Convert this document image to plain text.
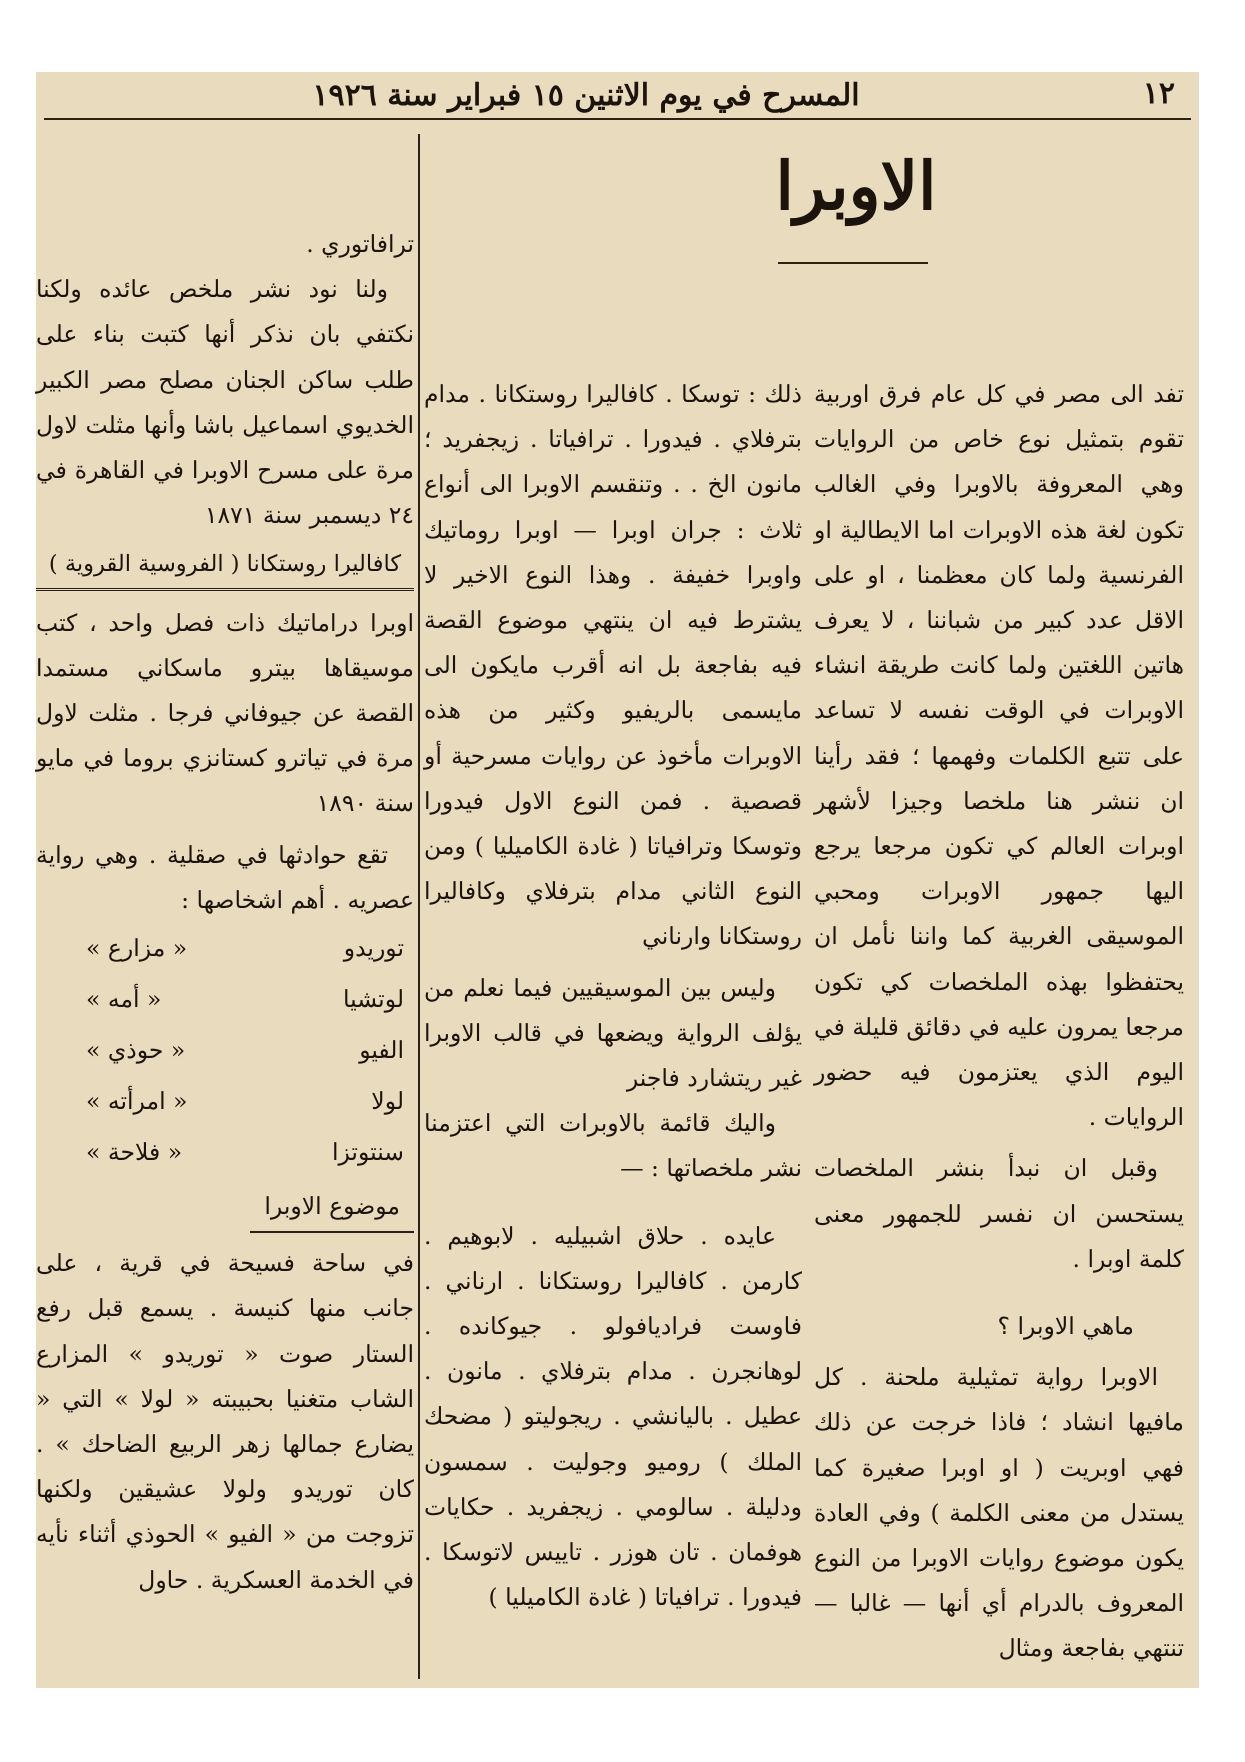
١٢
المسرح في يوم الاثنين ١٥ فبراير سنة ١٩٢٦
الاوبرا

تفد الى مصر في كل عام فرق اوربية تقوم بتمثيل نوع خاص من الروايات وهي المعروفة بالاوبرا وفي الغالب تكون لغة هذه الاوبرات اما الايطالية او الفرنسية ولما كان معظمنا ، او على الاقل عدد كبير من شباننا ، لا يعرف هاتين اللغتين ولما كانت طريقة انشاء الاوبرات في الوقت نفسه لا تساعد على تتبع الكلمات وفهمها ؛ فقد رأينا ان ننشر هنا ملخصا وجيزا لأشهر اوبرات العالم كي تكون مرجعا يرجع اليها جمهور الاوبرات ومحبي الموسيقى الغربية كما واننا نأمل ان يحتفظوا بهذه الملخصات كي تكون مرجعا يمرون عليه في دقائق قليلة في اليوم الذي يعتزمون فيه حضور الروايات .

وقبل ان نبدأ بنشر الملخصات يستحسن ان نفسر للجمهور معنى كلمة اوبرا .

ماهي الاوبرا ؟

الاوبرا رواية تمثيلية ملحنة . كل مافيها انشاد ؛ فاذا خرجت عن ذلك فهي اوبريت ( او اوبرا صغيرة كما يستدل من معنى الكلمة ) وفي العادة يكون موضوع روايات الاوبرا من النوع المعروف بالدرام أي أنها — غالبا — تنتهي بفاجعة ومثال

ذلك : توسكا . كافاليرا روستكانا . مدام بترفلاي . فيدورا . ترافياتا . زيجفريد ؛ مانون الخ . . وتنقسم الاوبرا الى أنواع ثلاث : جران اوبرا — اوبرا روماتيك واوبرا خفيفة . وهذا النوع الاخير لا يشترط فيه ان ينتهي موضوع القصة فيه بفاجعة بل انه أقرب مايكون الى مايسمى بالريفيو وكثير من هذه الاوبرات مأخوذ عن روايات مسرحية أو قصصية . فمن النوع الاول فيدورا وتوسكا وترافياتا ( غادة الكاميليا ) ومن النوع الثاني مدام بترفلاي وكافاليرا روستكانا وارناني

وليس بين الموسيقيين فيما نعلم من يؤلف الرواية ويضعها في قالب الاوبرا غير ريتشارد فاجنر

واليك قائمة بالاوبرات التي اعتزمنا نشر ملخصاتها : —

عايده . حلاق اشبيليه . لابوهيم . كارمن . كافاليرا روستكانا . ارناني . فاوست فراديافولو . جيوكانده . لوهانجرن . مدام بترفلاي . مانون . عطيل . باليانشي . ريجوليتو ( مضحك الملك ) روميو وجوليت . سمسون ودليلة . سالومي . زيجفريد . حكايات هوفمان . تان هوزر . تاييس لاتوسكا . فيدورا . ترافياتا ( غادة الكاميليا )

ترافاتوري .

ولنا نود نشر ملخص عائده ولكنا نكتفي بان نذكر أنها كتبت بناء على طلب ساكن الجنان مصلح مصر الكبير الخديوي اسماعيل باشا وأنها مثلت لاول مرة على مسرح الاوبرا في القاهرة في ٢٤ ديسمبر سنة ١٨٧١

كافاليرا روستكانا ( الفروسية القروية )

اوبرا دراماتيك ذات فصل واحد ، كتب موسيقاها بيترو ماسكاني مستمدا القصة عن جيوفاني فرجا . مثلت لاول مرة في تياترو كستانزي بروما في مايو سنة ١٨٩٠

تقع حوادثها في صقلية . وهي رواية عصريه . أهم اشخاصها :

توريدو
« مزارع »
لوتشيا
« أمه »
الفيو
« حوذي »
لولا
« امرأته »
سنتوتزا
« فلاحة »
موضوع الاوبرا

في ساحة فسيحة في قرية ، على جانب منها كنيسة . يسمع قبل رفع الستار صوت « توريدو » المزارع الشاب متغنيا بحبيبته « لولا » التي « يضارع جمالها زهر الربيع الضاحك » . كان توريدو ولولا عشيقين ولكنها تزوجت من « الفيو » الحوذي أثناء نأيه في الخدمة العسكرية . حاول
